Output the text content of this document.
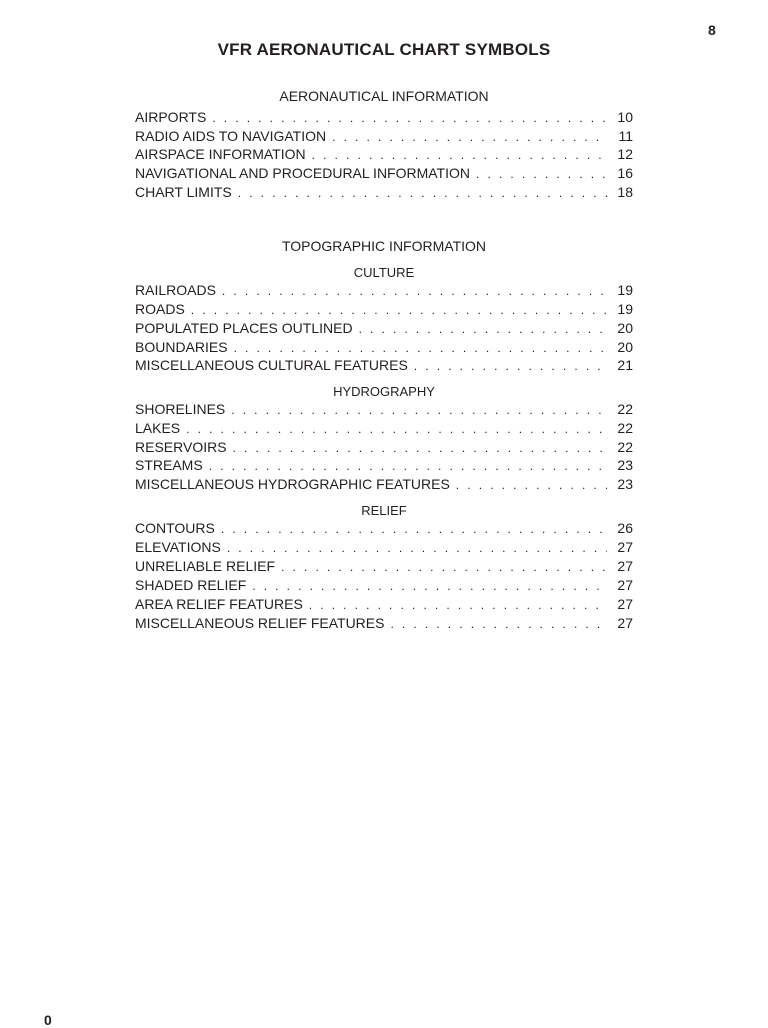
8
VFR AERONAUTICAL CHART SYMBOLS
AERONAUTICAL INFORMATION
AIRPORTS . . .	10
RADIO AIDS TO NAVIGATION . . .	11
AIRSPACE INFORMATION . . .	12
NAVIGATIONAL AND PROCEDURAL INFORMATION . . .	16
CHART LIMITS . . .	18
TOPOGRAPHIC INFORMATION
CULTURE
RAILROADS . . .	19
ROADS . . .	19
POPULATED PLACES OUTLINED . . .	20
BOUNDARIES . . .	20
MISCELLANEOUS CULTURAL FEATURES . . .	21
HYDROGRAPHY
SHORELINES . . .	22
LAKES . . .	22
RESERVOIRS . . .	22
STREAMS . . .	23
MISCELLANEOUS HYDROGRAPHIC FEATURES . . .	23
RELIEF
CONTOURS . . .	26
ELEVATIONS . . .	27
UNRELIABLE RELIEF . . .	27
SHADED RELIEF . . .	27
AREA RELIEF FEATURES . . .	27
MISCELLANEOUS RELIEF FEATURES . . .	27
0
